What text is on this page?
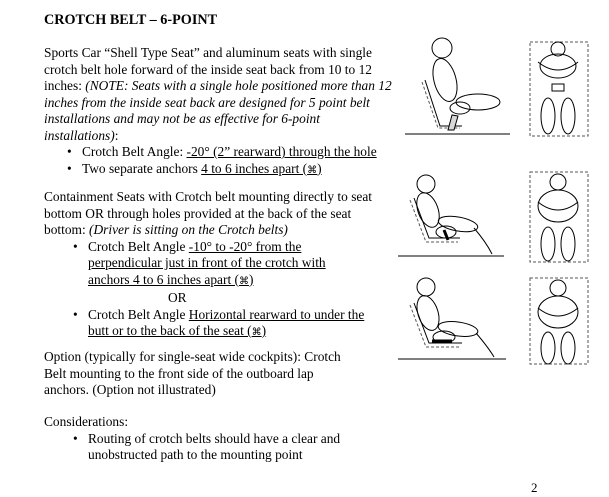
CROTCH BELT – 6-POINT
Sports Car “Shell Type Seat” and aluminum seats with single crotch belt hole forward of the inside seat back from 10 to 12 inches: (NOTE: Seats with a single hole positioned more than 12 inches from the inside seat back are designed for 5 point belt installations and may not be as effective for 6-point installations):
• Crotch Belt Angle: -20° (2” rearward) through the hole
• Two separate anchors 4 to 6 inches apart (⌘)
Containment Seats with Crotch belt mounting directly to seat bottom OR through holes provided at the back of the seat bottom: (Driver is sitting on the Crotch belts)
• Crotch Belt Angle -10° to -20° from the perpendicular just in front of the crotch with anchors 4 to 6 inches apart (⌘)
OR
• Crotch Belt Angle Horizontal rearward to under the butt or to the back of the seat (⌘)
Option (typically for single-seat wide cockpits): Crotch Belt mounting to the front side of the outboard lap anchors. (Option not illustrated)
Considerations:
• Routing of crotch belts should have a clear and unobstructed path to the mounting point
2
